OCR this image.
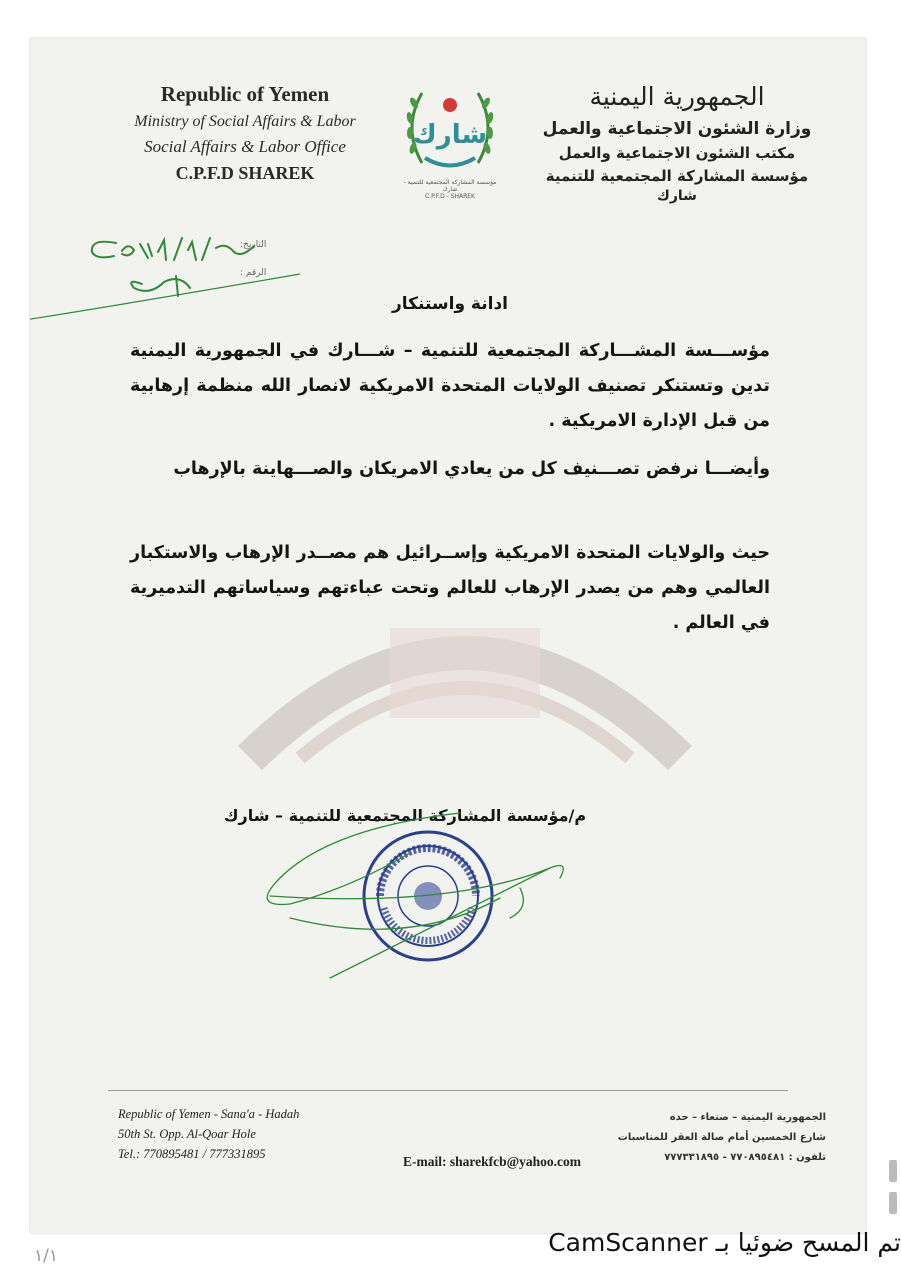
Republic of Yemen
Ministry of Social Affairs & Labor
Social Affairs & Labor Office
C.P.F.D SHAREK
شارك
مؤسسة المشاركة المجتمعية للتنمية - شارك
C.P.F.D - SHAREK
الجمهورية اليمنية
وزارة الشئون الاجتماعية والعمل
مكتب الشئون الاجتماعية والعمل
مؤسسة المشاركة المجتمعية للتنمية
شارك
التاريخ:
الرقم :
ادانة واستنكار
مؤســـسة المشـــاركة المجتمعية للتنمية – شـــارك في الجمهورية اليمنية تدين وتستنكر تصنيف الولايات المتحدة الامريكية لانصار الله منظمة إرهابية من قبل الإدارة الامريكية .
وأيضـــا نرفض تصـــنيف كل من يعادي الامريكان والصـــهاينة بالإرهاب
حيث والولايات المتحدة الامريكية وإســرائيل هم مصــدر الإرهاب والاستكبار العالمي وهم من يصدر الإرهاب للعالم وتحت عباءتهم وسياساتهم التدميرية في العالم .
م/مؤسسة المشاركة المجتمعية للتنمية – شارك
Republic of Yemen - Sana'a - Hadah
50th St. Opp. Al-Qoar Hole
Tel.: 770895481 / 777331895	E-mail: sharekfcb@yahoo.com
الجمهورية اليمنية – صنعاء – حده
شارع الخمسين أمام صالة العقر للمناسبات
تلفون : ٧٧٠٨٩٥٤٨١ - ٧٧٧٣٣١٨٩٥
تم المسح ضوئيا بـ CamScanner
١/١
